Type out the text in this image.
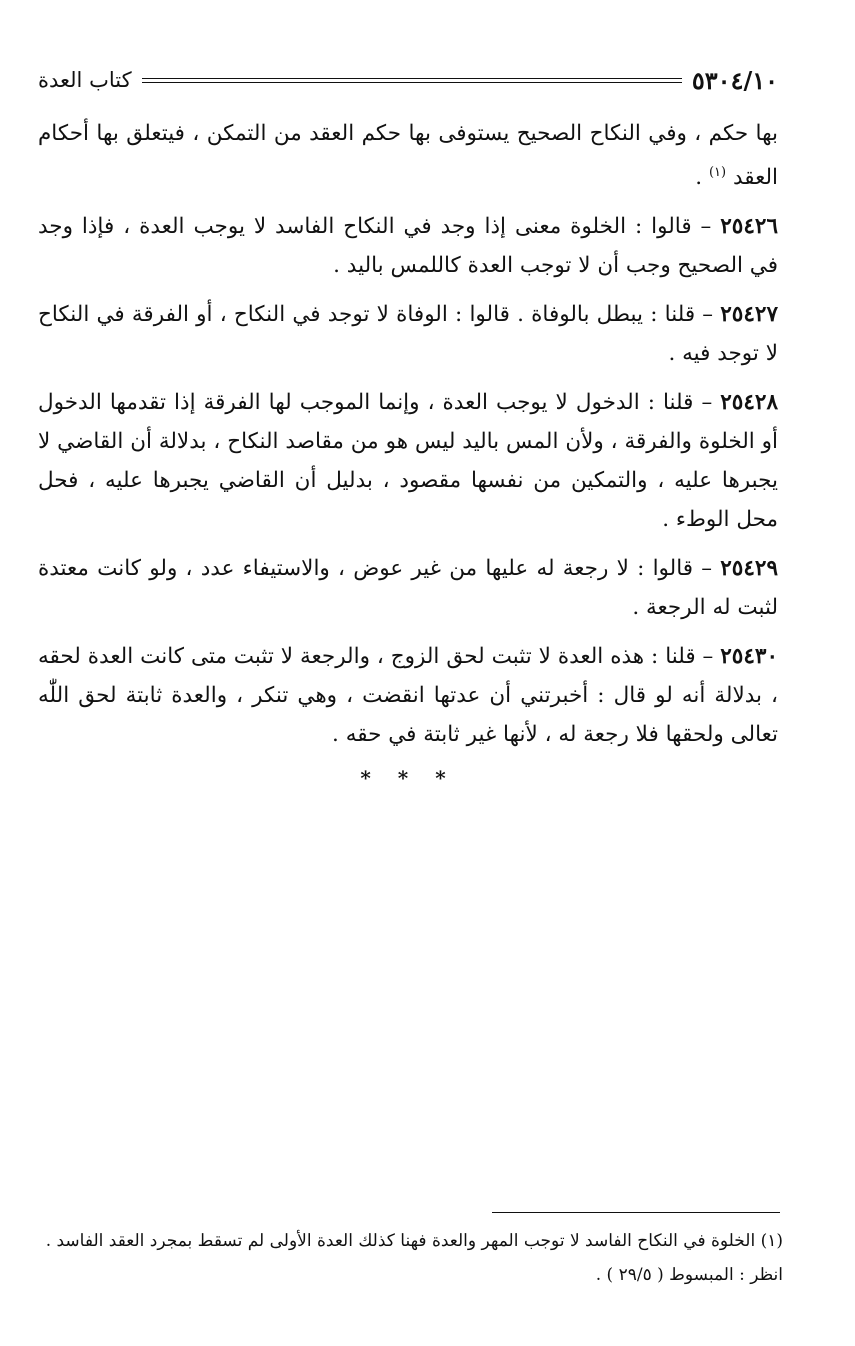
٥٣٠٤/١٠
كتاب العدة

بها حكم ، وفي النكاح الصحيح يستوفى بها حكم العقد من التمكن ، فيتعلق بها أحكام العقد $^{(١)}$ .

٢٥٤٢٦ – قالوا : الخلوة معنى إذا وجد في النكاح الفاسد لا يوجب العدة ، فإذا وجد في الصحيح وجب أن لا توجب العدة كاللمس باليد .

٢٥٤٢٧ – قلنا : يبطل بالوفاة . قالوا : الوفاة لا توجد في النكاح ، أو الفرقة في النكاح لا توجد فيه .

٢٥٤٢٨ – قلنا : الدخول لا يوجب العدة ، وإنما الموجب لها الفرقة إذا تقدمها الدخول أو الخلوة والفرقة ، ولأن المس باليد ليس هو من مقاصد النكاح ، بدلالة أن القاضي لا يجبرها عليه ، والتمكين من نفسها مقصود ، بدليل أن القاضي يجبرها عليه ، فحل محل الوطء .

٢٥٤٢٩ – قالوا : لا رجعة له عليها من غير عوض ، والاستيفاء عدد ، ولو كانت معتدة لثبت له الرجعة .

٢٥٤٣٠ – قلنا : هذه العدة لا تثبت لحق الزوج ، والرجعة لا تثبت متى كانت العدة لحقه ، بدلالة أنه لو قال : أخبرتني أن عدتها انقضت ، وهي تنكر ، والعدة ثابتة لحق اللّٰه تعالى ولحقها فلا رجعة له ، لأنها غير ثابتة في حقه .

* * *
(١) الخلوة في النكاح الفاسد لا توجب المهر والعدة فهنا كذلك العدة الأولى لم تسقط بمجرد العقد الفاسد .
انظر : المبسوط ( ٢٩/٥ ) .
